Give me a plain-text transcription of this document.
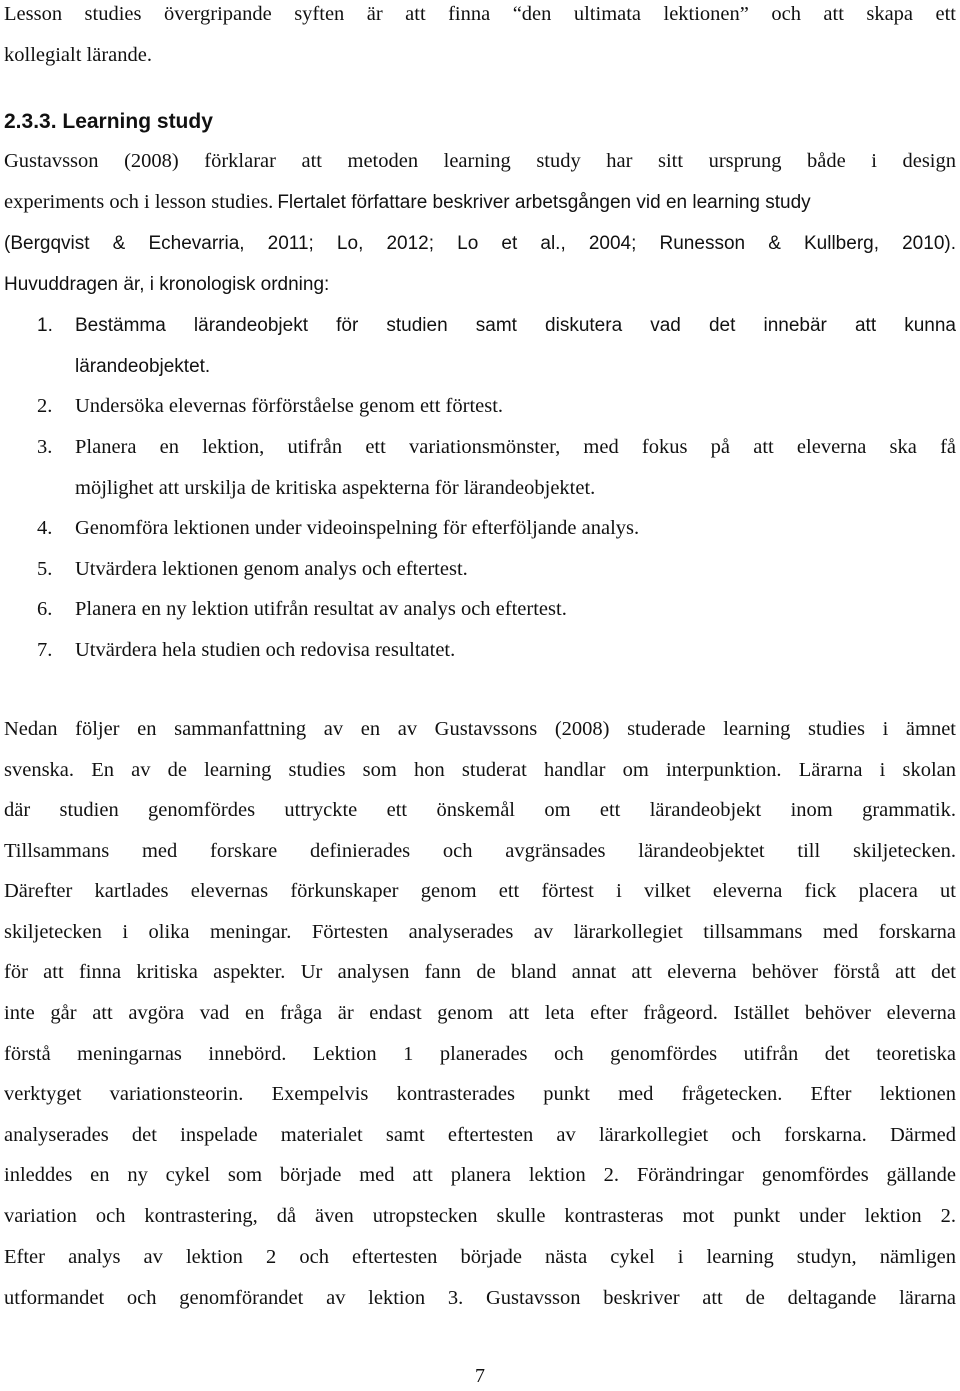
Lesson studies övergripande syften är att finna “den ultimata lektionen” och att skapa ett
kollegialt lärande.
2.3.3. Learning study
Gustavsson (2008) förklarar att metoden learning study har sitt ursprung både i design
experiments och i lesson studies. Flertalet författare beskriver arbetsgången vid en learning study
(Bergqvist & Echevarria, 2011; Lo, 2012; Lo et al., 2004; Runesson & Kullberg, 2010).
Huvuddragen är, i kronologisk ordning:
1. Bestämma lärandeobjekt för studien samt diskutera vad det innebär att kunna
lärandeobjektet.
2. Undersöka elevernas förförståelse genom ett förtest.
3. Planera en lektion, utifrån ett variationsmönster, med fokus på att eleverna ska få
möjlighet att urskilja de kritiska aspekterna för lärandeobjektet.
4. Genomföra lektionen under videoinspelning för efterföljande analys.
5. Utvärdera lektionen genom analys och eftertest.
6. Planera en ny lektion utifrån resultat av analys och eftertest.
7. Utvärdera hela studien och redovisa resultatet.
Nedan följer en sammanfattning av en av Gustavssons (2008) studerade learning studies i ämnet
svenska. En av de learning studies som hon studerat handlar om interpunktion. Lärarna i skolan
där studien genomfördes uttryckte ett önskemål om ett lärandeobjekt inom grammatik.
Tillsammans med forskare definierades och avgränsades lärandeobjektet till skiljetecken.
Därefter kartlades elevernas förkunskaper genom ett förtest i vilket eleverna fick placera ut
skiljetecken i olika meningar. Förtesten analyserades av lärarkollegiet tillsammans med forskarna
för att finna kritiska aspekter. Ur analysen fann de bland annat att eleverna behöver förstå att det
inte går att avgöra vad en fråga är endast genom att leta efter frågeord. Istället behöver eleverna
förstå meningarnas innebörd. Lektion 1 planerades och genomfördes utifrån det teoretiska
verktyget variationsteorin. Exempelvis kontrasterades punkt med frågetecken. Efter lektionen
analyserades det inspelade materialet samt eftertesten av lärarkollegiet och forskarna. Därmed
inleddes en ny cykel som började med att planera lektion 2. Förändringar genomfördes gällande
variation och kontrastering, då även utropstecken skulle kontrasteras mot punkt under lektion 2.
Efter analys av lektion 2 och eftertesten började nästa cykel i learning studyn, nämligen
utformandet och genomförandet av lektion 3. Gustavsson beskriver att de deltagande lärarna
7
